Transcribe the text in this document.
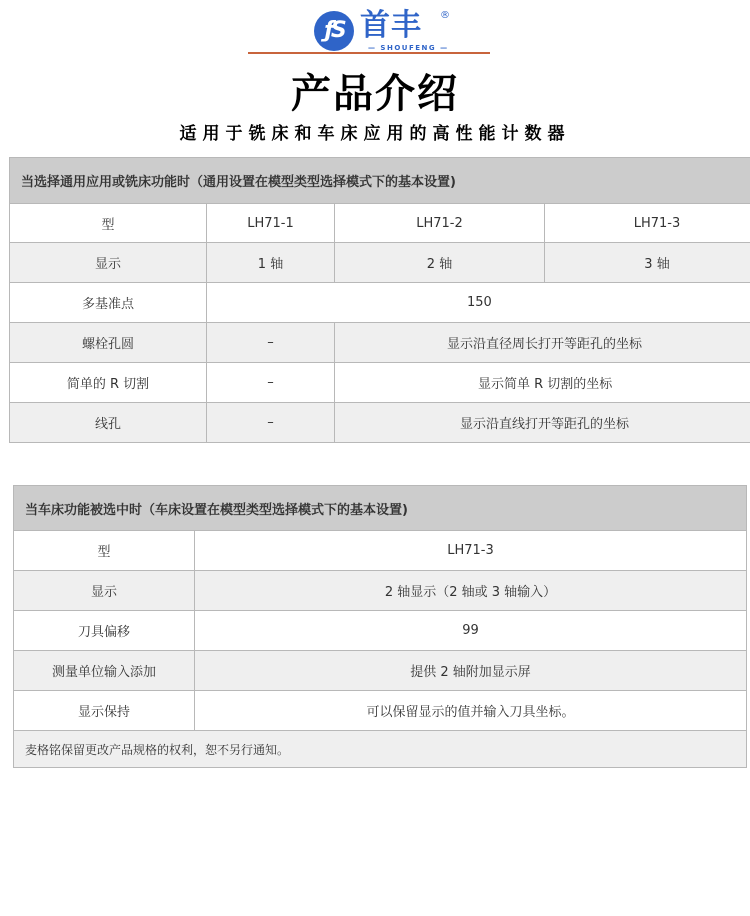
ƒS 首丰 ®
— SHOUFENG —
产品介绍
适用于铣床和车床应用的高性能计数器
当选择通用应用或铣床功能时（通用设置在模型类型选择模式下的基本设置)			
型	LH71-1	LH71-2	LH71-3
显示	1 轴	2 轴	3 轴
多基准点	150		
螺栓孔圆	–	显示沿直径周长打开等距孔的坐标	
简单的 R 切割	–	显示简单 R 切割的坐标	
线孔	–	显示沿直线打开等距孔的坐标	
当车床功能被选中时（车床设置在模型类型选择模式下的基本设置)	
型	LH71-3
显示	2 轴显示（2 轴或 3 轴输入）
刀具偏移	99
测量单位输入添加	提供 2 轴附加显示屏
显示保持	可以保留显示的值并输入刀具坐标。
麦格铭保留更改产品规格的权利，恕不另行通知。	
